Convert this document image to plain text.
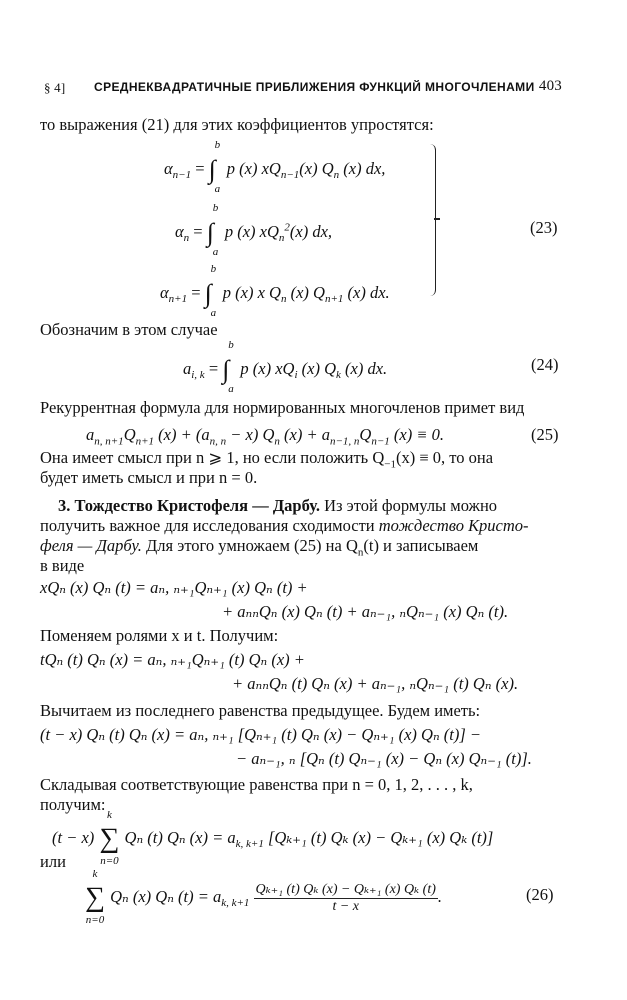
§ 4] СРЕДНЕКВАДРАТИЧНЫЕ ПРИБЛИЖЕНИЯ ФУНКЦИЙ МНОГОЧЛЕНАМИ 403
то выражения (21) для этих коэффициентов упростятся:
$\alpha_{n-1}$ = ∫
b
a
p (x) $xQ_{n-1}(x)$ $Q_n$ (x) dx,
$\alpha_n$ = ∫
b
a
p (x) $xQ_n^2(x)$ dx,
$\alpha_{n+1}$ = ∫
b
a
p (x) x $Q_n$ (x) $Q_{n+1}$ (x) dx.
(23)
Обозначим в этом случае
$a_{i, k}$ = ∫
b
a
p (x) $xQ_i$ (x) $Q_k$ (x) dx.	(24)
Рекуррентная формула для нормированных многочленов примет вид
$a_{n, n+1}Q_{n+1}$ $(x) + (a_{n, n} - x)$ $Q_n$ $(x) + a_{n-1, n}Q_{n-1}$ (x) ≡ 0.	(25)
Она имеет смысл при n ⩾ 1, но если положить $Q_{-1}(x) \equiv 0$, то она
будет иметь смысл и при n = 0.
3. Тождество Кристофеля — Дарбу. Из этой формулы можно
получить важное для исследования сходимости тождество Кристо-
феля — Дарбу. Для этого умножаем (25) на $Q_n(t)$ и записываем
в виде
xQₙ (x) Qₙ (t) = aₙ, ₙ₊₁Qₙ₊₁ (x) Qₙ (t) +
+ aₙₙQₙ (x) Qₙ (t) + aₙ₋₁, ₙQₙ₋₁ (x) Qₙ (t).
Поменяем ролями x и t. Получим:
tQₙ (t) Qₙ (x) = aₙ, ₙ₊₁Qₙ₊₁ (t) Qₙ (x) +
+ aₙₙQₙ (t) Qₙ (x) + aₙ₋₁, ₙQₙ₋₁ (t) Qₙ (x).
Вычитаем из последнего равенства предыдущее. Будем иметь:
(t − x) Qₙ (t) Qₙ (x) = aₙ, ₙ₊₁ [Qₙ₊₁ (t) Qₙ (x) − Qₙ₊₁ (x) Qₙ (t)] −
− aₙ₋₁, ₙ [Qₙ (t) Qₙ₋₁ (x) − Qₙ (x) Qₙ₋₁ (t)].
Складывая соответствующие равенства при n = 0, 1, 2, . . . , k,
получим:
(t − x) ∑
k
n=0
Qₙ (t) Qₙ $(x) = a_{k, k+1}$ [Qₖ₊₁ (t) Qₖ (x) − Qₖ₊₁ (x) Qₖ (t)]
или
∑
k
n=0
Qₙ (x) Qₙ $(t) = a_{k, k+1} \frac{\text{Qₖ₊₁ (t) Qₖ (x) − Qₖ₊₁ (x) Qₖ (t)}}{t - x}$ .	(26)
